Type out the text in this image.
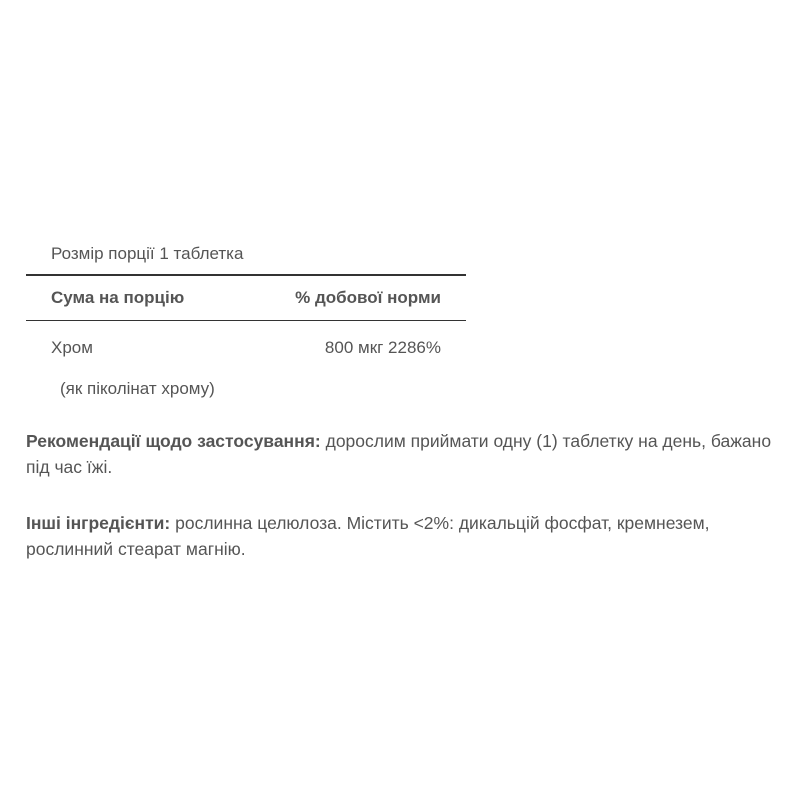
Розмір порції 1 таблетка
Сума на порцію	% добової норми
Хром	800 мкг 2286%
(як піколінат хрому)
Рекомендації щодо застосування: дорослим приймати одну (1) таблетку на день, бажано під час їжі.
Інші інгредієнти: рослинна целюлоза. Містить <2%: дикальцій фосфат, кремнезем, рослинний стеарат магнію.
